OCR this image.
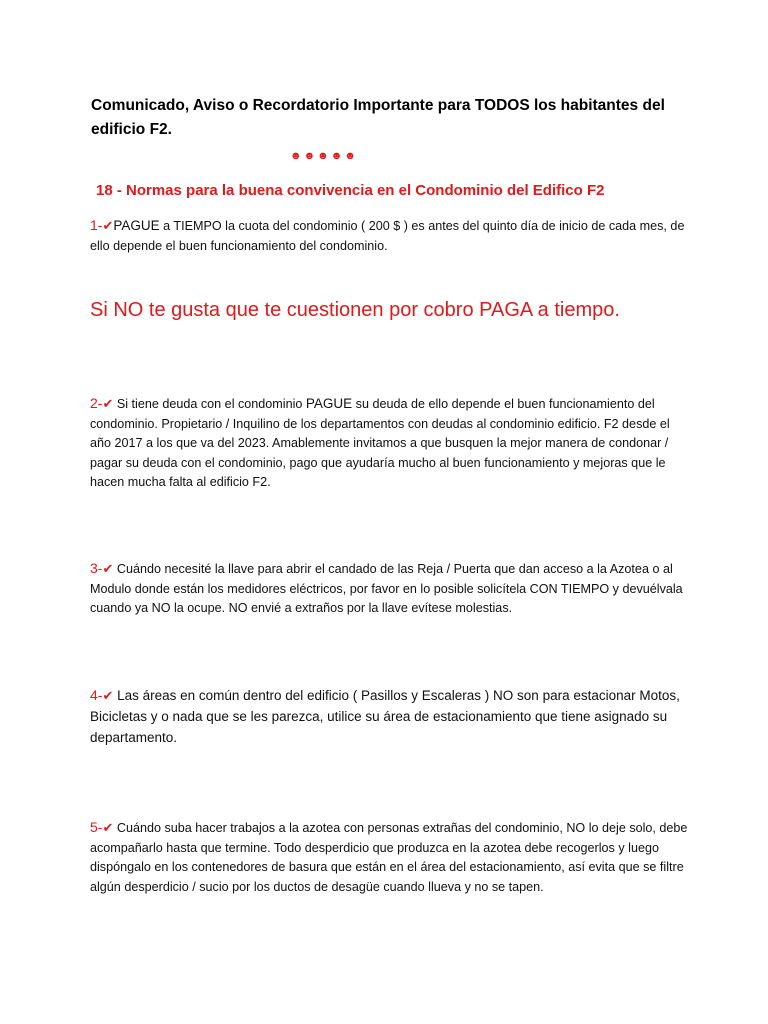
Comunicado, Aviso o Recordatorio Importante para TODOS los habitantes del edificio F2.
☻☻☻☻☻
18 - Normas para la buena convivencia en el Condominio del Edifico F2
1-✔PAGUE a TIEMPO la cuota del condominio ( 200 $ ) es antes del quinto día de inicio de cada mes, de ello depende el buen funcionamiento del condominio.
Si NO te gusta que te cuestionen por cobro PAGA a tiempo.
2-✔ Si tiene deuda con el condominio PAGUE su deuda de ello depende el buen funcionamiento del condominio. Propietario / Inquilino de los departamentos con deudas al condominio edificio. F2 desde el año 2017 a los que va del 2023. Amablemente invitamos a que busquen la mejor manera de condonar / pagar su deuda con el condominio, pago que ayudaría mucho al buen funcionamiento y mejoras que le hacen mucha falta al edificio F2.
3-✔ Cuándo necesité la llave para abrir el candado de las Reja / Puerta que dan acceso a la Azotea o al Modulo donde están los medidores eléctricos, por favor en lo posible solicítela CON TIEMPO y devuélvala cuando ya NO la ocupe. NO envié a extraños por la llave evítese molestias.
4-✔ Las áreas en común dentro del edificio ( Pasillos y Escaleras ) NO son para estacionar Motos, Bicicletas y o nada que se les parezca, utilice su área de estacionamiento que tiene asignado su departamento.
5-✔ Cuándo suba hacer trabajos a la azotea con personas extrañas del condominio, NO lo deje solo, debe acompañarlo hasta que termine. Todo desperdicio que produzca en la azotea debe recogerlos y luego dispóngalo en los contenedores de basura que están en el área del estacionamiento, así evita que se filtre algún desperdicio / sucio por los ductos de desagüe cuando llueva y no se tapen.
